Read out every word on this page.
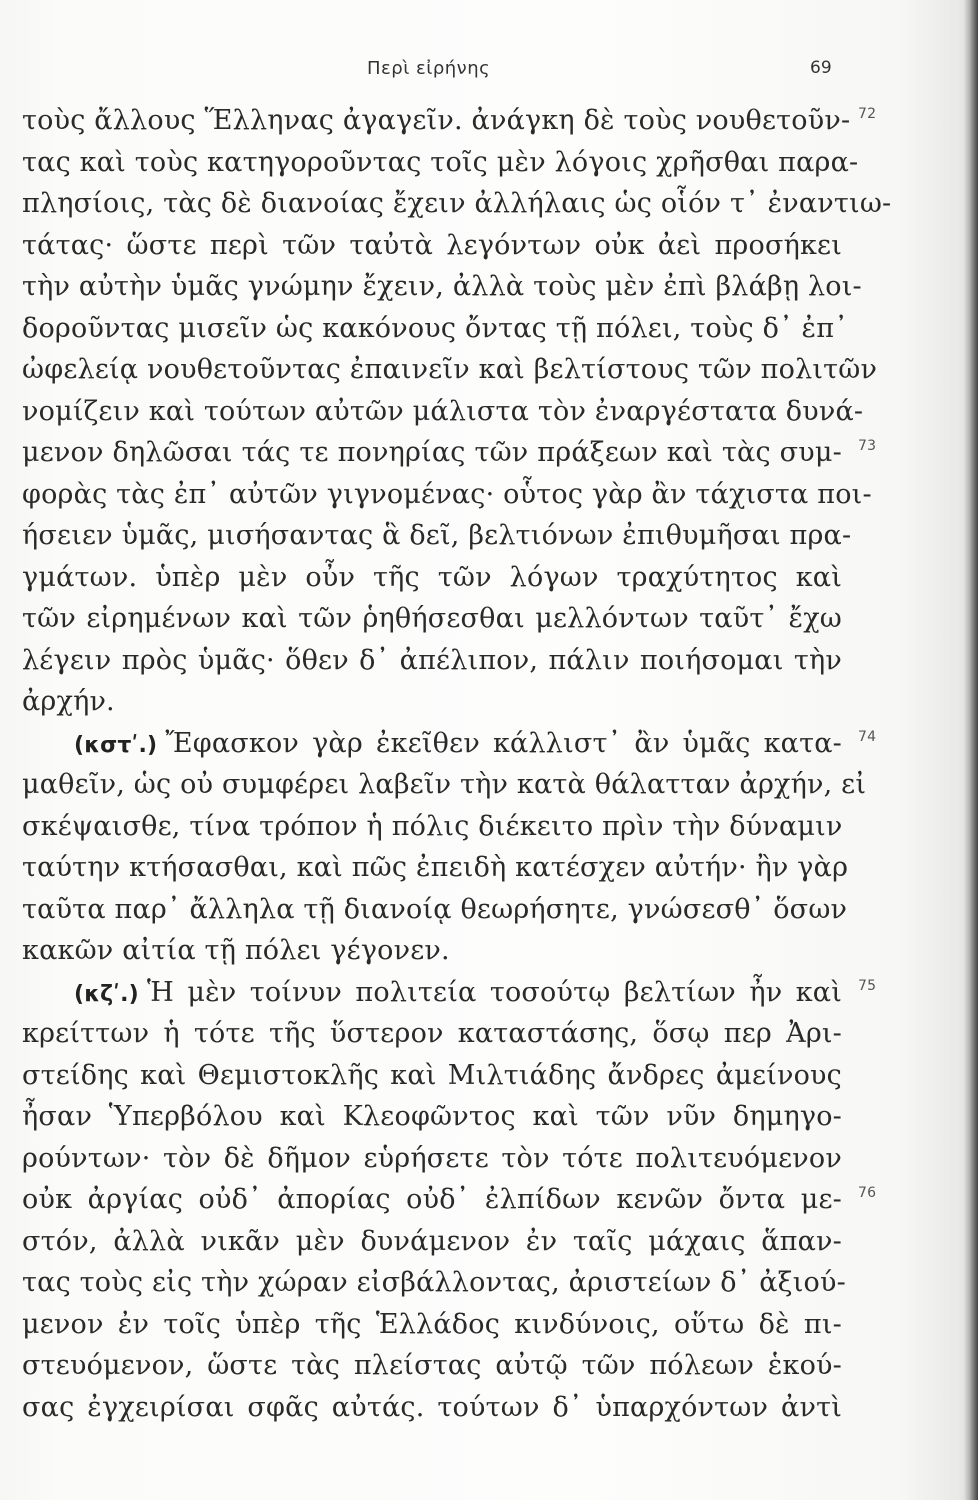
Περὶ εἰρήνης	69
τοὺς ἄλλους Ἕλληνας ἀγαγεῖν. ἀνάγκη δὲ τοὺς νουθετοῦν- 72
τας καὶ τοὺς κατηγοροῦντας τοῖς μὲν λόγοις χρῆσθαι παρα-
πλησίοις, τὰς δὲ διανοίας ἔχειν ἀλλήλαις ὡς οἷόν τ᾽ ἐναντιω-
τάτας· ὥστε περὶ τῶν ταὐτὰ λεγόντων οὐκ ἀεὶ προσήκει
τὴν αὐτὴν ὑμᾶς γνώμην ἔχειν, ἀλλὰ τοὺς μὲν ἐπὶ βλάβῃ λοι-
δοροῦντας μισεῖν ὡς κακόνους ὄντας τῇ πόλει, τοὺς δ᾽ ἐπ᾽
ὠφελείᾳ νουθετοῦντας ἐπαινεῖν καὶ βελτίστους τῶν πολιτῶν
νομίζειν καὶ τούτων αὐτῶν μάλιστα τὸν ἐναργέστατα δυνά-
μενον δηλῶσαι τάς τε πονηρίας τῶν πράξεων καὶ τὰς συμ- 73
φορὰς τὰς ἐπ᾽ αὐτῶν γιγνομένας· οὗτος γὰρ ἂν τάχιστα ποι-
ήσειεν ὑμᾶς, μισήσαντας ἃ δεῖ, βελτιόνων ἐπιθυμῆσαι πρα-
γμάτων. ὑπὲρ μὲν οὖν τῆς τῶν λόγων τραχύτητος καὶ
τῶν εἰρημένων καὶ τῶν ῥηθήσεσθαι μελλόντων ταῦτ᾽ ἔχω
λέγειν πρὸς ὑμᾶς· ὅθεν δ᾽ ἀπέλιπον, πάλιν ποιήσομαι τὴν
ἀρχήν.
(κστʹ.) Ἔφασκον γὰρ ἐκεῖθεν κάλλιστ᾽ ἂν ὑμᾶς κατα- 74
μαθεῖν, ὡς οὐ συμφέρει λαβεῖν τὴν κατὰ θάλατταν ἀρχήν, εἰ
σκέψαισθε, τίνα τρόπον ἡ πόλις διέκειτο πρὶν τὴν δύναμιν
ταύτην κτήσασθαι, καὶ πῶς ἐπειδὴ κατέσχεν αὐτήν· ἢν γὰρ
ταῦτα παρ᾽ ἄλληλα τῇ διανοίᾳ θεωρήσητε, γνώσεσθ᾽ ὅσων
κακῶν αἰτία τῇ πόλει γέγονεν.
(κζʹ.) Ἡ μὲν τοίνυν πολιτεία τοσούτῳ βελτίων ἦν καὶ 75
κρείττων ἡ τότε τῆς ὕστερον καταστάσης, ὅσῳ περ Ἀρι-
στείδης καὶ Θεμιστοκλῆς καὶ Μιλτιάδης ἄνδρες ἀμείνους
ἦσαν Ὑπερβόλου καὶ Κλεοφῶντος καὶ τῶν νῦν δημηγο-
ρούντων· τὸν δὲ δῆμον εὑρήσετε τὸν τότε πολιτευόμενον
οὐκ ἀργίας οὐδ᾽ ἀπορίας οὐδ᾽ ἐλπίδων κενῶν ὄντα με- 76
στόν, ἀλλὰ νικᾶν μὲν δυνάμενον ἐν ταῖς μάχαις ἅπαν-
τας τοὺς εἰς τὴν χώραν εἰσβάλλοντας, ἀριστείων δ᾽ ἀξιού-
μενον ἐν τοῖς ὑπὲρ τῆς Ἑλλάδος κινδύνοις, οὕτω δὲ πι-
στευόμενον, ὥστε τὰς πλείστας αὐτῷ τῶν πόλεων ἑκού-
σας ἐγχειρίσαι σφᾶς αὐτάς. τούτων δ᾽ ὑπαρχόντων ἀντὶ
